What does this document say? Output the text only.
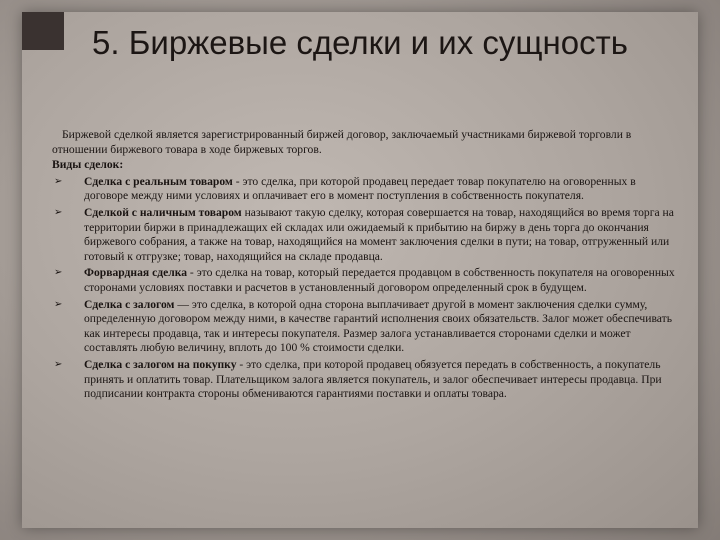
5. Биржевые сделки и их сущность

Биржевой сделкой является зарегистрированный биржей договор, заключаемый участниками биржевой торговли в отношении биржевого товара в ходе биржевых торгов.

Виды сделок:

➢ Сделка с реальным товаром - это сделка, при которой продавец передает товар покупателю на оговоренных в договоре между ними условиях и оплачивает его в момент поступления в собственность покупателя.

➢ Сделкой с наличным товаром называют такую сделку, которая совершается на товар, находящийся во время торга на территории биржи в принадлежащих ей складах или ожидаемый к прибытию на биржу в день торга до окончания биржевого собрания, а также на товар, находящийся на момент заключения сделки в пути; на товар, отгруженный или готовый к отгрузке; товар, находящийся на складе продавца.

➢ Форвардная сделка - это сделка на товар, который передается продавцом в собственность покупателя на оговоренных сторонами условиях поставки и расчетов в установленный договором определенный срок в будущем.

➢ Сделка с залогом — это сделка, в которой одна сторона выплачивает другой в момент заключения сделки сумму, определенную договором между ними, в качестве гарантий исполнения своих обязательств. Залог может обеспечивать как интересы продавца, так и интересы покупателя. Размер залога устанавливается сторонами сделки и может составлять любую величину, вплоть до 100 % стоимости сделки.

➢ Сделка с залогом на покупку - это сделка, при которой продавец обязуется передать в собственность, а покупатель принять и оплатить товар. Плательщиком залога является покупатель, и залог обеспечивает интересы продавца. При подписании контракта стороны обмениваются гарантиями поставки и оплаты товара.
